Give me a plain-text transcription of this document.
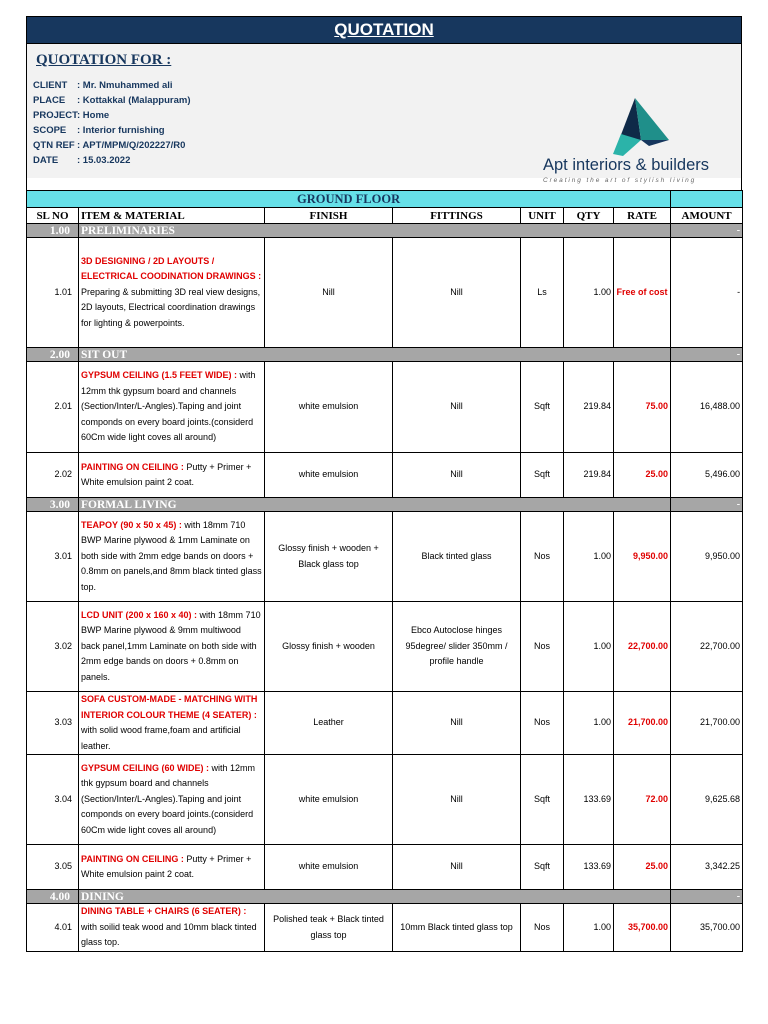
QUOTATION
QUOTATION FOR :
CLIENT : Mr. Nmuhammed ali
PLACE : Kottakkal (Malappuram)
PROJECT: Home
SCOPE : Interior furnishing
QTN REF : APT/MPM/Q/202227/R0
DATE : 15.03.2022	Apt interiors & builders
Creating the art of stylish living
GROUND FLOOR							
SL NO	ITEM & MATERIAL	FINISH	FITTINGS	UNIT	QTY	RATE	AMOUNT
1.00	PRELIMINARIES						-
1.01	3D DESIGNING / 2D LAYOUTS / ELECTRICAL COODINATION DRAWINGS : Preparing & submitting 3D real view designs, 2D layouts, Electrical coordination drawings for lighting & powerpoints.	Nill	Nill	Ls	1.00	Free of cost	-
2.00	SIT OUT						-
2.01	GYPSUM CEILING (1.5 FEET WIDE) : with 12mm thk gypsum board and channels (Section/Inter/L-Angles).Taping and joint componds on every board joints.(considerd 60Cm wide light coves all around)	white emulsion	Nill	Sqft	219.84	75.00	16,488.00
2.02	PAINTING ON CEILING : Putty + Primer + White emulsion paint 2 coat.	white emulsion	Nill	Sqft	219.84	25.00	5,496.00
3.00	FORMAL LIVING						-
3.01	TEAPOY (90 x 50 x 45) : with 18mm 710 BWP Marine plywood & 1mm Laminate on both side with 2mm edge bands on doors + 0.8mm on panels,and 8mm black tinted glass top.	Glossy finish + wooden + Black glass top	Black tinted glass	Nos	1.00	9,950.00	9,950.00
3.02	LCD UNIT (200 x 160 x 40) : with 18mm 710 BWP Marine plywood & 9mm multiwood back panel,1mm Laminate on both side with 2mm edge bands on doors + 0.8mm on panels.	Glossy finish + wooden	Ebco Autoclose hinges 95degree/ slider 350mm / profile handle	Nos	1.00	22,700.00	22,700.00
3.03	SOFA CUSTOM-MADE - MATCHING WITH INTERIOR COLOUR THEME (4 SEATER) : with solid wood frame,foam and artificial leather.	Leather	Nill	Nos	1.00	21,700.00	21,700.00
3.04	GYPSUM CEILING (60 WIDE) : with 12mm thk gypsum board and channels (Section/Inter/L-Angles).Taping and joint componds on every board joints.(considerd 60Cm wide light coves all around)	white emulsion	Nill	Sqft	133.69	72.00	9,625.68
3.05	PAINTING ON CEILING : Putty + Primer + White emulsion paint 2 coat.	white emulsion	Nill	Sqft	133.69	25.00	3,342.25
4.00	DINING						-
4.01	DINING TABLE + CHAIRS (6 SEATER) : with soilid teak wood and 10mm black tinted glass top.	Polished teak + Black tinted glass top	10mm Black tinted glass top	Nos	1.00	35,700.00	35,700.00
